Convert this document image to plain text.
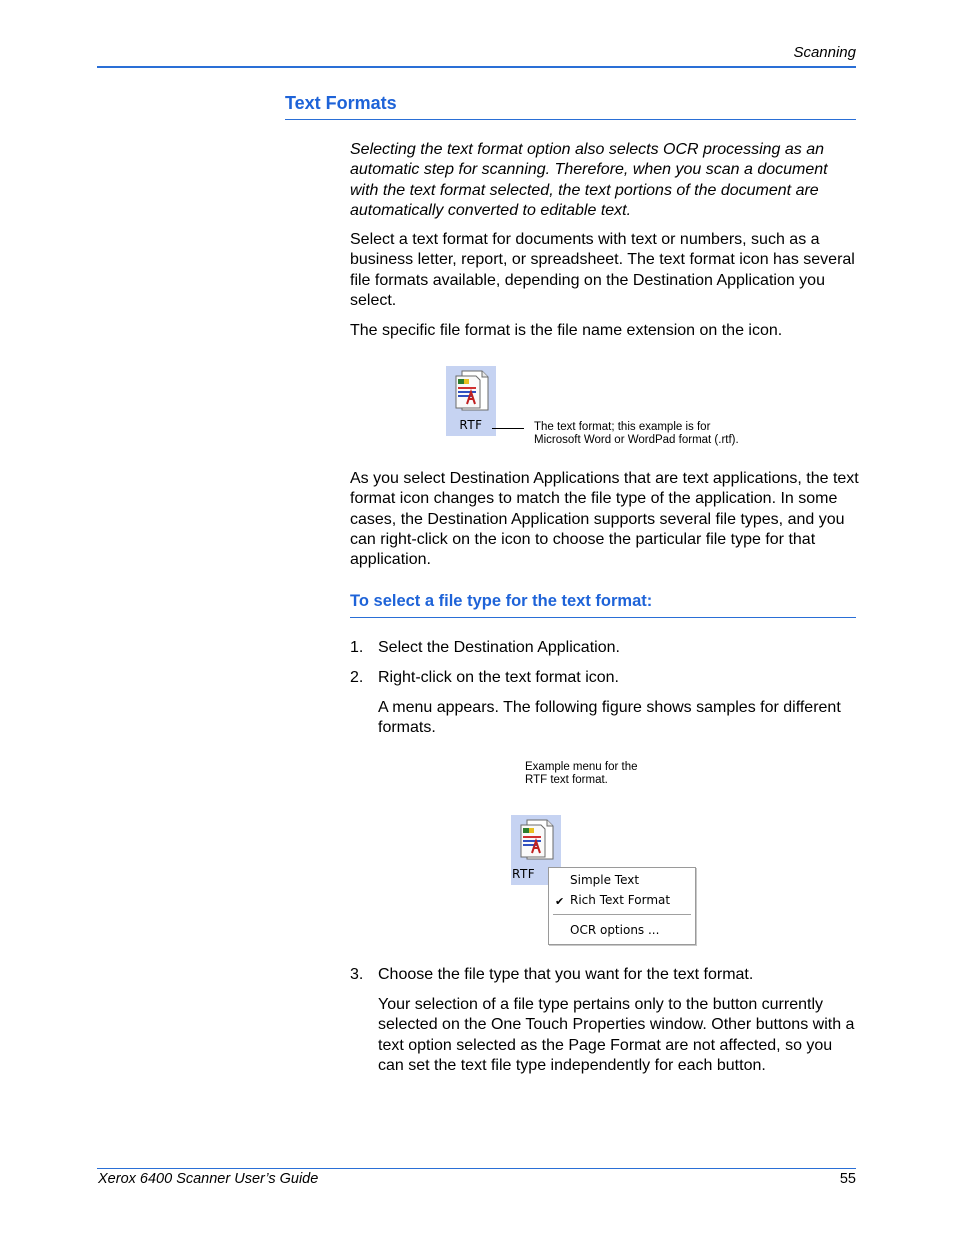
Scanning
Text Formats
Selecting the text format option also selects OCR processing as an automatic step for scanning. Therefore, when you scan a document with the text format selected, the text portions of the document are automatically converted to editable text.
Select a text format for documents with text or numbers, such as a business letter, report, or spreadsheet. The text format icon has several file formats available, depending on the Destination Application you select.
The specific file format is the file name extension on the icon.
RTF	The text format; this example is for
Microsoft Word or WordPad format (.rtf).
As you select Destination Applications that are text applications, the text format icon changes to match the file type of the application. In some cases, the Destination Application supports several file types, and you can right-click on the icon to choose the particular file type for that application.
To select a file type for the text format:
1. Select the Destination Application.
2. Right-click on the text format icon.
A menu appears. The following figure shows samples for different formats.
Example menu for the
RTF text format.
RTF	Simple Text
✔ Rich Text Format
OCR options ...
3. Choose the file type that you want for the text format.
Your selection of a file type pertains only to the button currently selected on the One Touch Properties window. Other buttons with a text option selected as the Page Format are not affected, so you can set the text file type independently for each button.
Xerox 6400 Scanner User’s Guide	55
